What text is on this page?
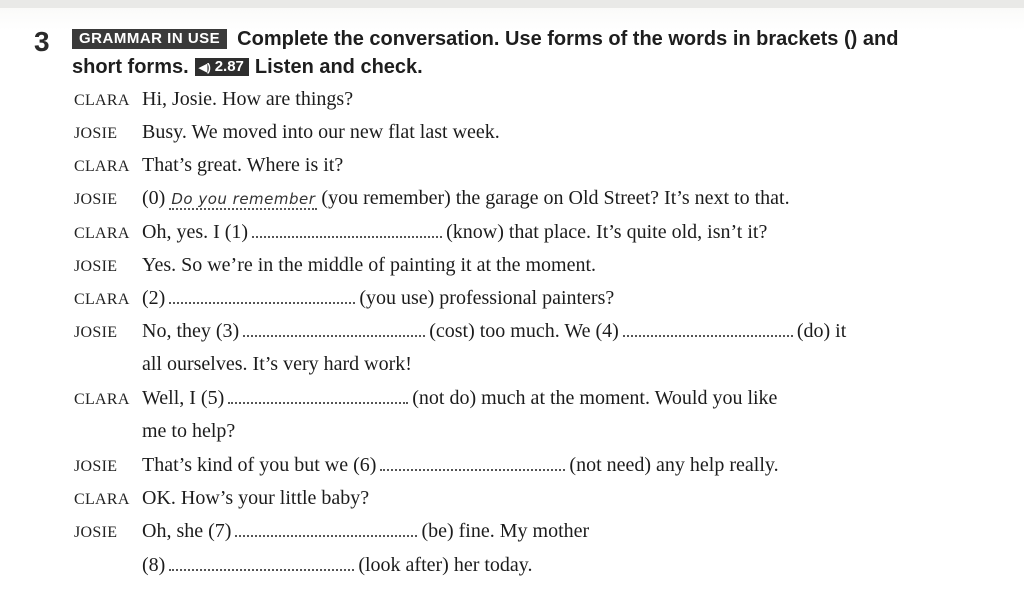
3	GRAMMAR IN USE Complete the conversation. Use forms of the words in brackets () and
short forms. ◀) 2.87 Listen and check.
CLARA Hi, Josie. How are things?
JOSIE Busy. We moved into our new flat last week.
CLARA That’s great. Where is it?
JOSIE (0) Do you remember (you remember) the garage on Old Street? It’s next to that.
CLARA Oh, yes. I (1)	(know) that place. It’s quite old, isn’t it?
JOSIE Yes. So we’re in the middle of painting it at the moment.
CLARA (2)	(you use) professional painters?
JOSIE No, they (3)	(cost) too much. We (4)	(do) it
all ourselves. It’s very hard work!
CLARA Well, I (5)	(not do) much at the moment. Would you like
me to help?
JOSIE That’s kind of you but we (6)	(not need) any help really.
CLARA OK. How’s your little baby?
JOSIE Oh, she (7)	(be) fine. My mother
(8)	(look after) her today.
